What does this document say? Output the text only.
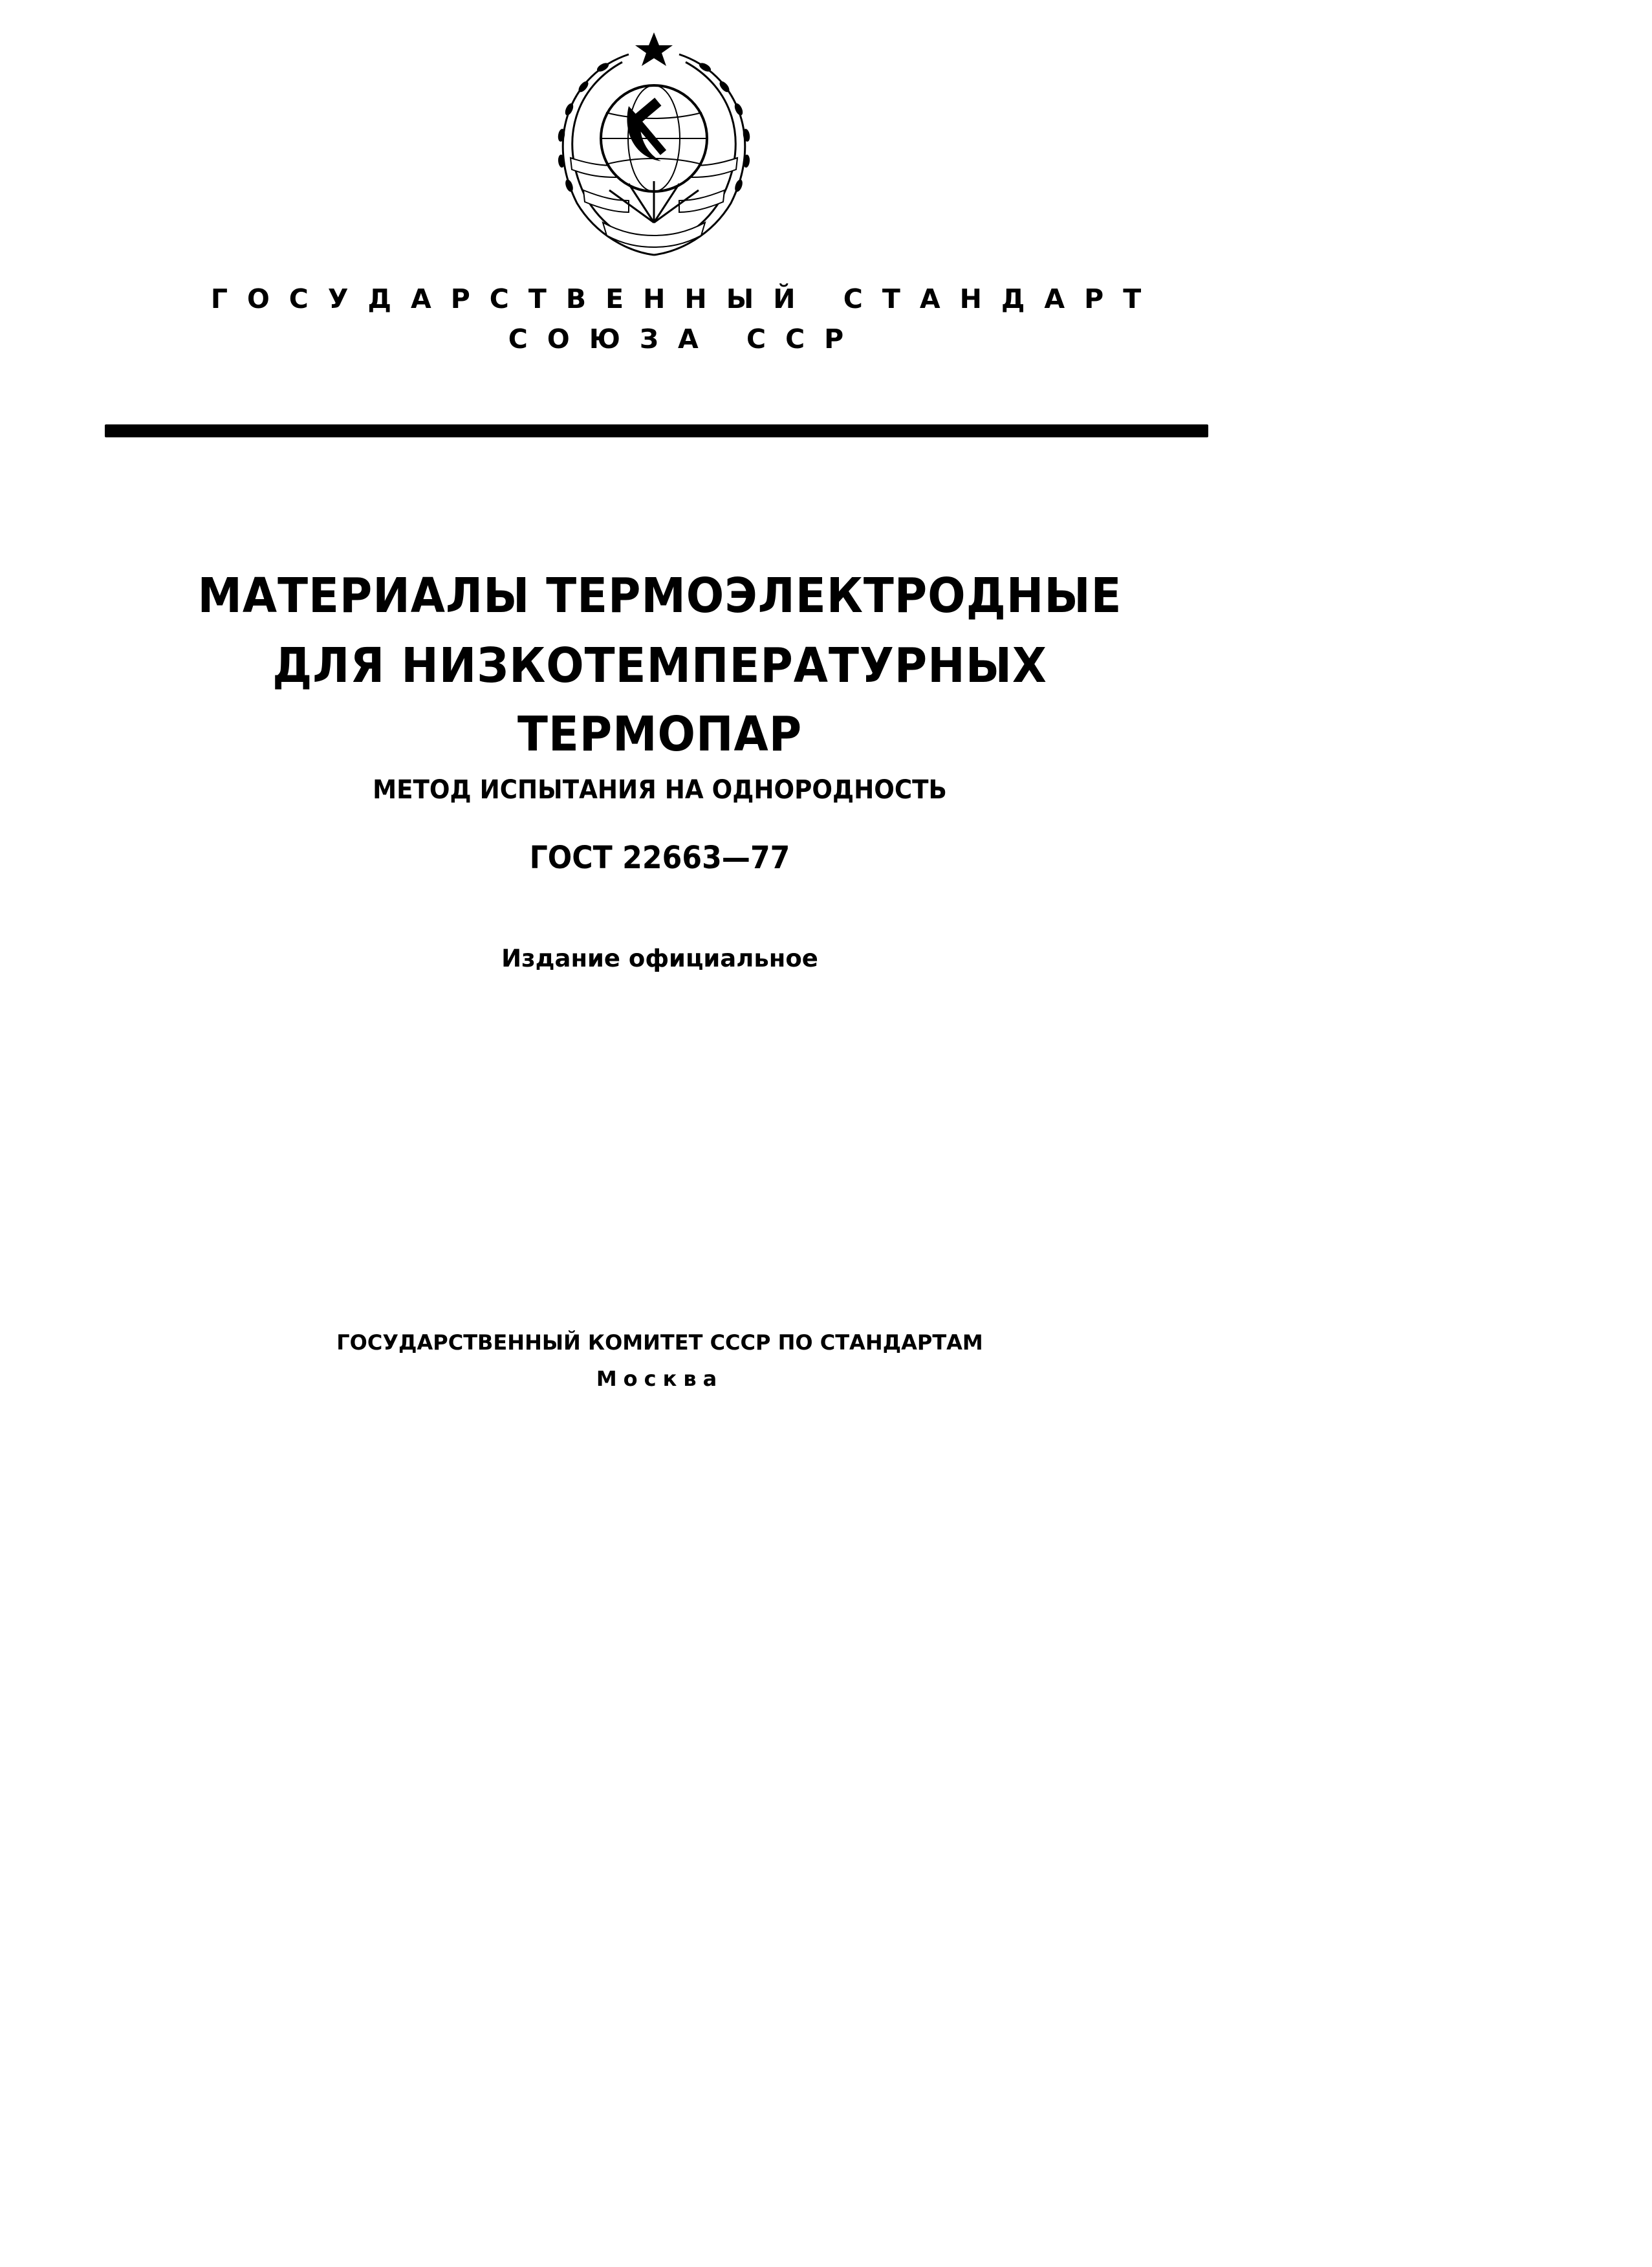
ГОСУДАРСТВЕННЫЙ СТАНДАРТ
СОЮЗА ССР
МАТЕРИАЛЫ ТЕРМОЭЛЕКТРОДНЫЕ
ДЛЯ НИЗКОТЕМПЕРАТУРНЫХ
ТЕРМОПАР
МЕТОД ИСПЫТАНИЯ НА ОДНОРОДНОСТЬ
ГОСТ 22663—77
Издание официальное
ГОСУДАРСТВЕННЫЙ КОМИТЕТ СССР ПО СТАНДАРТАМ
Москва
